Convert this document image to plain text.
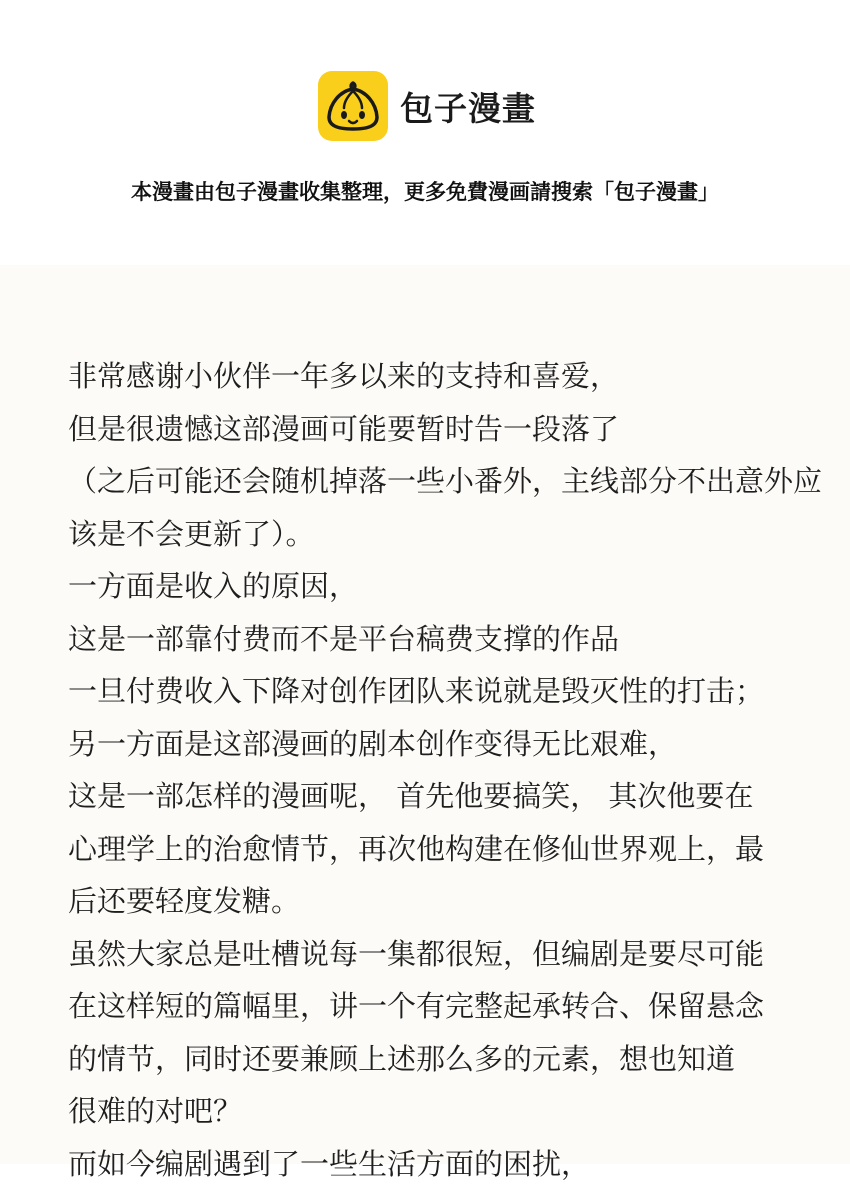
包子漫畫
本漫畫由包子漫畫收集整理，更多免費漫画請搜索「包子漫畫」
非常感谢小伙伴一年多以来的支持和喜爱，
但是很遗憾这部漫画可能要暂时告一段落了
（之后可能还会随机掉落一些小番外，主线部分不出意外应
该是不会更新了）。
一方面是收入的原因，
这是一部靠付费而不是平台稿费支撑的作品
一旦付费收入下降对创作团队来说就是毁灭性的打击；
另一方面是这部漫画的剧本创作变得无比艰难，
这是一部怎样的漫画呢， 首先他要搞笑， 其次他要在
心理学上的治愈情节，再次他构建在修仙世界观上，最
后还要轻度发糖。
虽然大家总是吐槽说每一集都很短，但编剧是要尽可能
在这样短的篇幅里，讲一个有完整起承转合、保留悬念
的情节，同时还要兼顾上述那么多的元素，想也知道
很难的对吧？
而如今编剧遇到了一些生活方面的困扰，
